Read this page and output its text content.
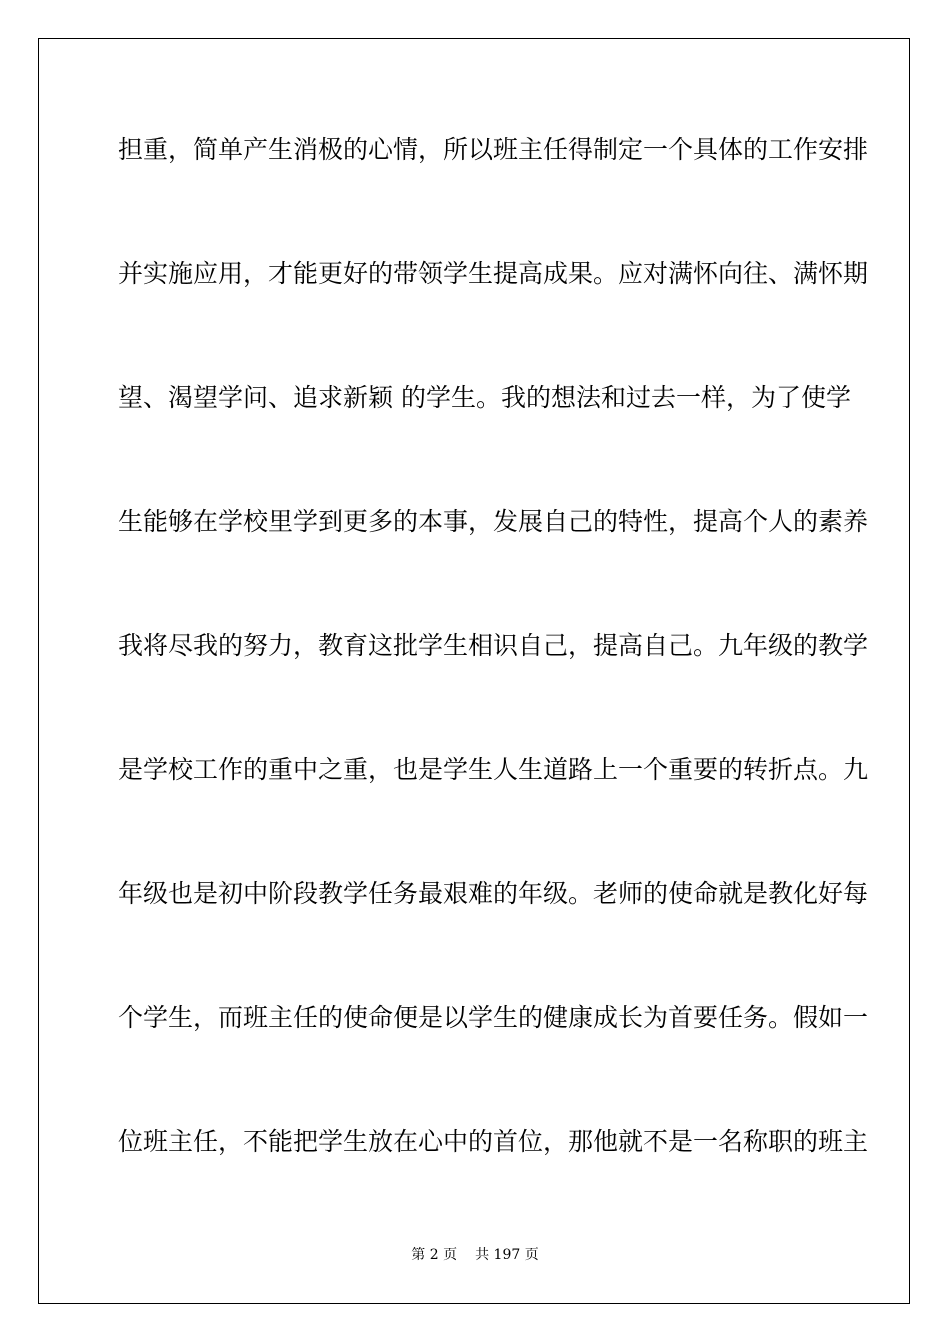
担重，简单产生消极的心情，所以班主任得制定一个具体的工作安排

并实施应用，才能更好的带领学生提高成果。应对满怀向往、满怀期

望、渴望学问、追求新颖 的学生。我的想法和过去一样，为了使学

生能够在学校里学到更多的本事，发展自己的特性，提高个人的素养

我将尽我的努力，教育这批学生相识自己，提高自己。九年级的教学

是学校工作的重中之重，也是学生人生道路上一个重要的转折点。九

年级也是初中阶段教学任务最艰难的年级。老师的使命就是教化好每

个学生，而班主任的使命便是以学生的健康成长为首要任务。假如一

位班主任，不能把学生放在心中的首位，那他就不是一名称职的班主

第 2 页 共 197 页
